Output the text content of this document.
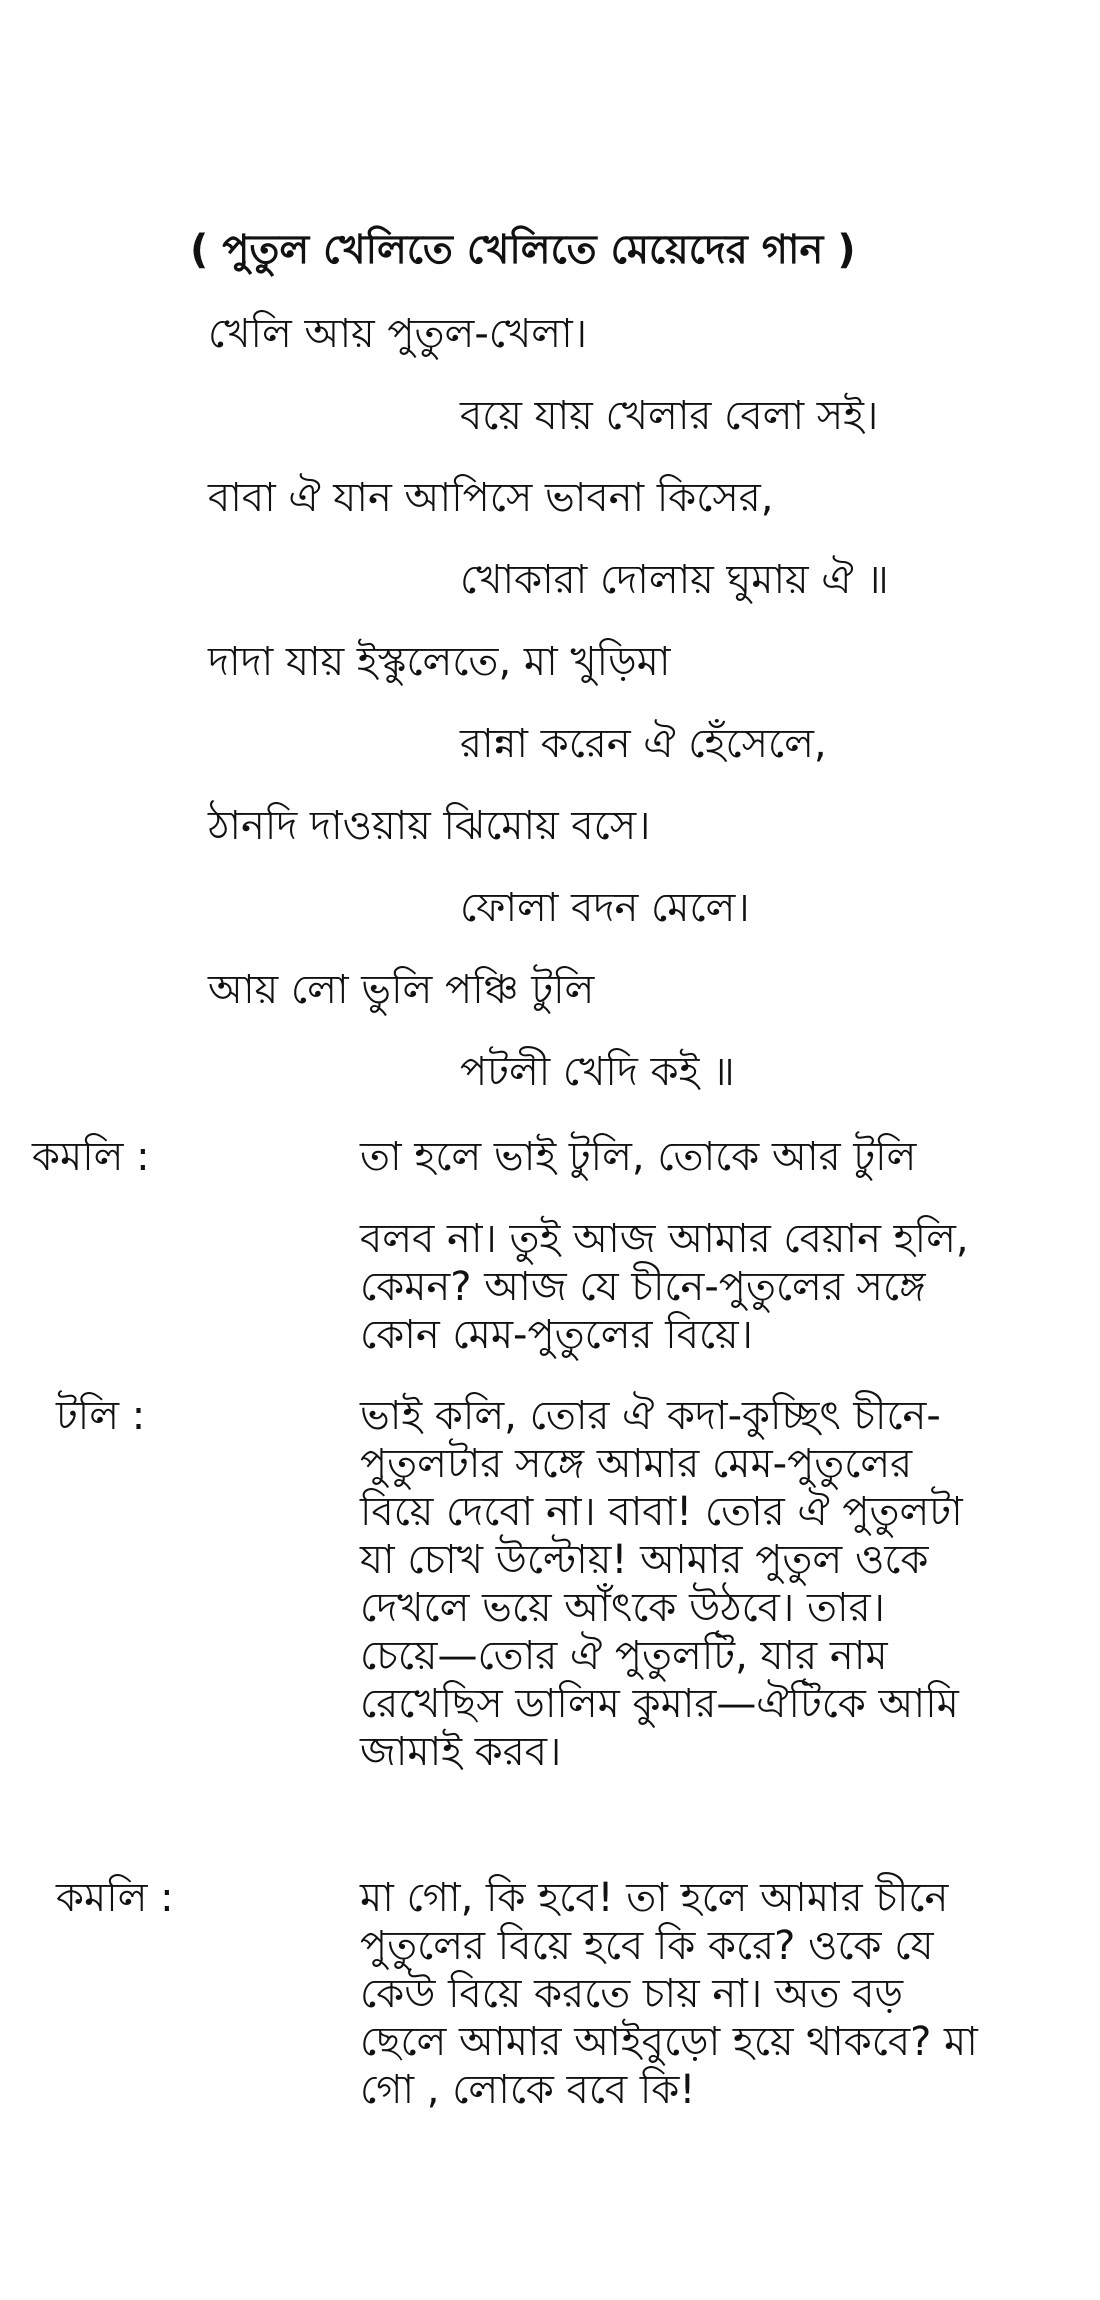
( পুতুল খেলিতে খেলিতে মেয়েদের গান )
খেলি আয় পুতুল-খেলা।
বয়ে যায় খেলার বেলা সই।
বাবা ঐ যান আপিসে ভাবনা কিসের,
খোকারা দোলায় ঘুমায় ঐ ॥
দাদা যায় ইস্কুলেতে, মা খুড়িমা
রান্না করেন ঐ হেঁসেলে,
ঠানদি দাওয়ায় ঝিমোয় বসে।
ফোলা বদন মেলে।
আয় লো ভুলি পঞ্চি টুলি
পটলী খেদি কই ॥
কমলি :	তা হলে ভাই টুলি, তোকে আর টুলি
বলব না। তুই আজ আমার বেয়ান হলি,
কেমন? আজ যে চীনে-পুতুলের সঙ্গে
কোন মেম-পুতুলের বিয়ে।
টলি :	ভাই কলি, তোর ঐ কদা-কুচ্ছিৎ চীনে-
পুতুলটার সঙ্গে আমার মেম-পুতুলের
বিয়ে দেবো না। বাবা! তোর ঐ পুতুলটা
যা চোখ উল্টোয়! আমার পুতুল ওকে
দেখলে ভয়ে আঁৎকে উঠবে। তার।
চেয়ে—তোর ঐ পুতুলটি, যার নাম
রেখেছিস ডালিম কুমার—ঐটিকে আমি
জামাই করব।
কমলি :	মা গো, কি হবে! তা হলে আমার চীনে
পুতুলের বিয়ে হবে কি করে? ওকে যে
কেউ বিয়ে করতে চায় না। অত বড়
ছেলে আমার আইবুড়ো হয়ে থাকবে? মা
গো , লোকে ববে কি!
